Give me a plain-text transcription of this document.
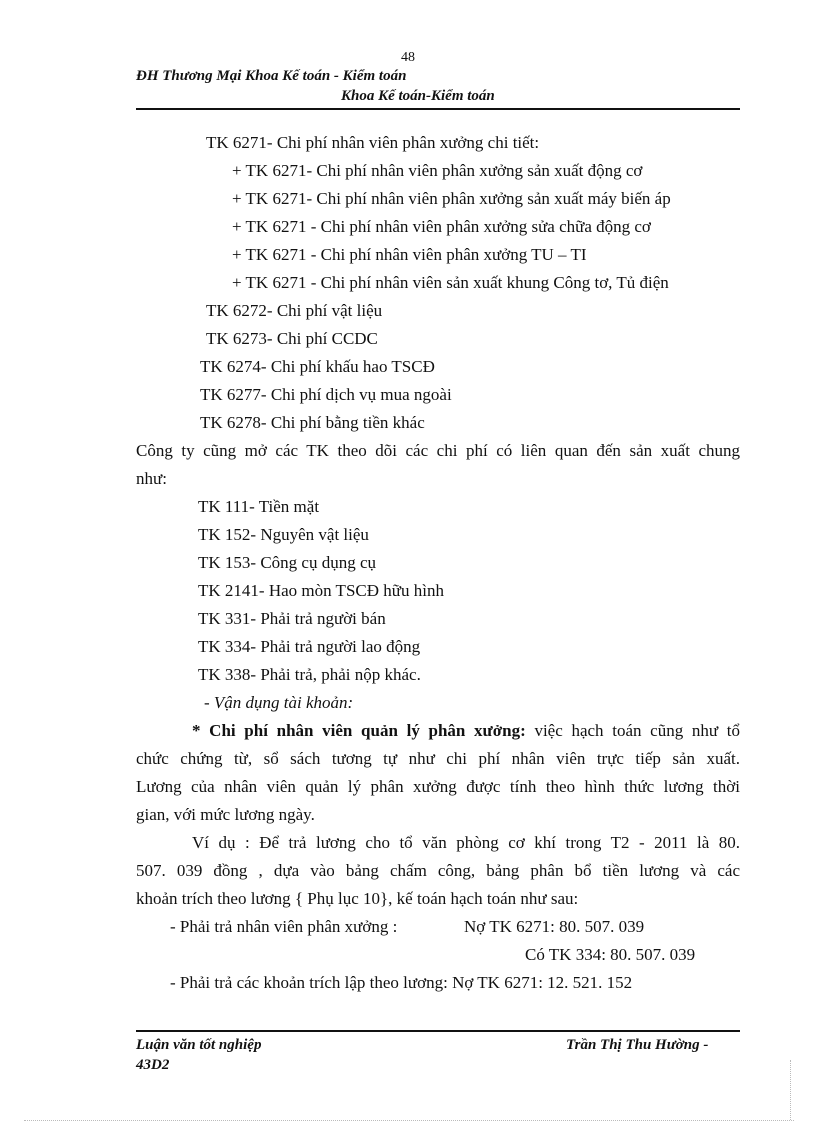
48
ĐH Thương Mại Khoa Kế toán - Kiểm toán
Khoa Kế toán-Kiểm toán
TK 6271- Chi phí nhân viên phân xưởng chi tiết:
+ TK 6271- Chi phí nhân viên phân xưởng sản xuất động cơ
+ TK 6271- Chi phí nhân viên phân xưởng sản xuất máy biến áp
+ TK 6271 - Chi phí nhân viên phân xưởng sửa chữa động cơ
+ TK 6271 - Chi phí nhân viên phân xưởng TU – TI
+ TK 6271 - Chi phí nhân viên sản xuất khung Công tơ, Tủ điện
TK 6272- Chi phí vật liệu
TK 6273- Chi phí CCDC
TK 6274- Chi phí khấu hao TSCĐ
TK 6277- Chi phí dịch vụ mua ngoài
TK 6278- Chi phí bằng tiền khác
Công ty cũng mở các TK theo dõi các chi phí có liên quan đến sản xuất chung
như:
TK 111- Tiền mặt
TK 152- Nguyên vật liệu
TK 153- Công cụ dụng cụ
TK 2141- Hao mòn TSCĐ hữu hình
TK 331- Phải trả người bán
TK 334- Phải trả người lao động
TK 338- Phải trả, phải nộp khác.
- Vận dụng tài khoản:
* Chi phí nhân viên quản lý phân xưởng: việc hạch toán cũng như tổ
chức chứng từ, sổ sách tương tự như chi phí nhân viên trực tiếp sản xuất.
Lương của nhân viên quản lý phân xưởng được tính theo hình thức lương thời
gian, với mức lương ngày.
Ví dụ : Để trả lương cho tổ văn phòng cơ khí trong T2 - 2011 là 80.
507. 039 đồng , dựa vào bảng chấm công, bảng phân bổ tiền lương và các
khoản trích theo lương { Phụ lục 10}, kế toán hạch toán như sau:
- Phải trả nhân viên phân xưởng :	Nợ TK 6271: 80. 507. 039
Có TK 334: 80. 507. 039
- Phải trả các khoản trích lập theo lương: Nợ TK 6271: 12. 521. 152
Luận văn tốt nghiệp	Trần Thị Thu Hường -
43D2
